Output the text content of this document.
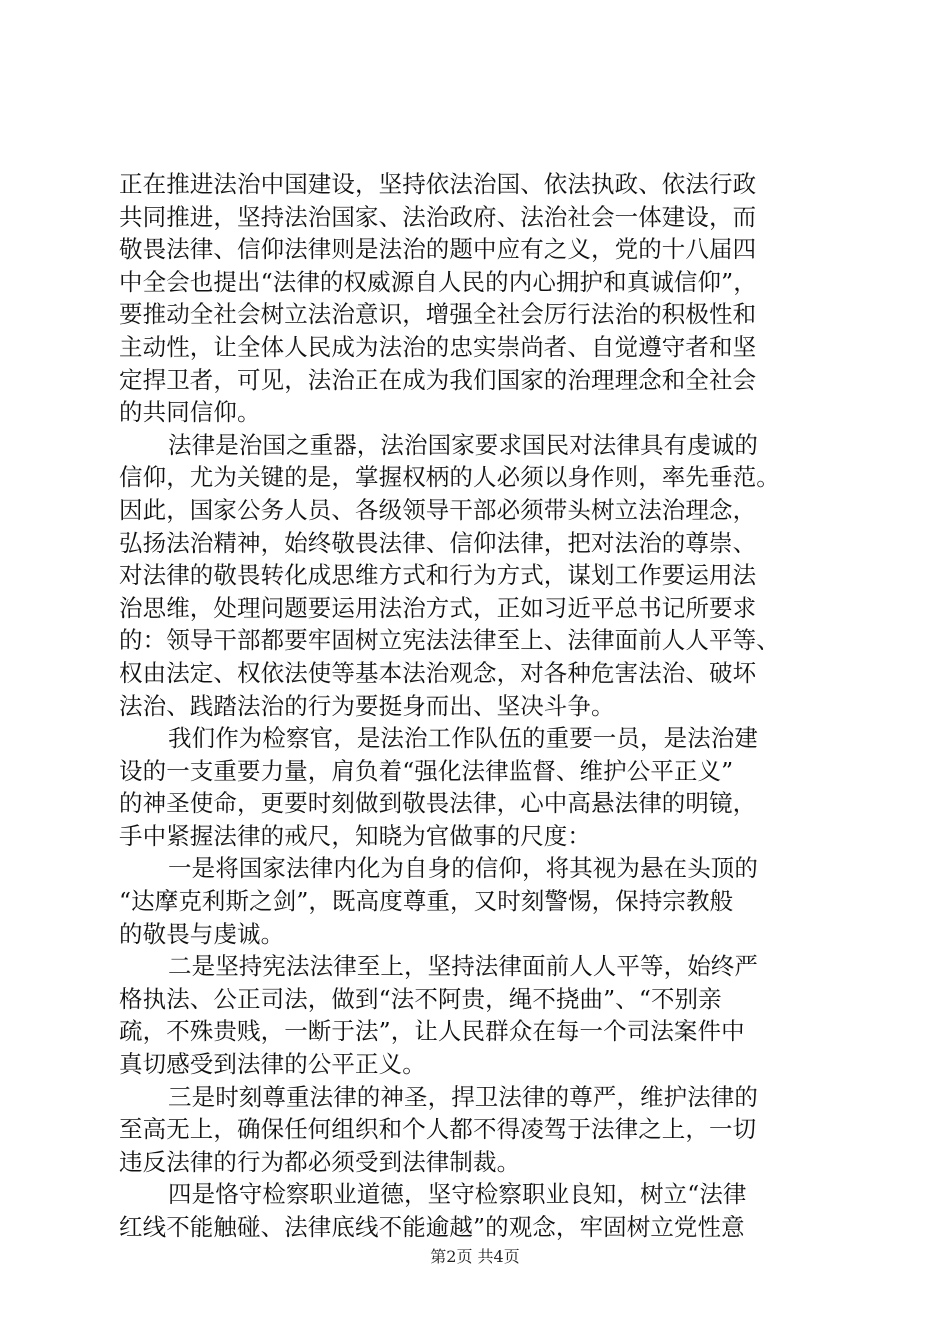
正在推进法治中国建设，坚持依法治国、依法执政、依法行政
共同推进，坚持法治国家、法治政府、法治社会一体建设，而
敬畏法律、信仰法律则是法治的题中应有之义，党的十八届四
中全会也提出“法律的权威源自人民的内心拥护和真诚信仰”，
要推动全社会树立法治意识，增强全社会厉行法治的积极性和
主动性，让全体人民成为法治的忠实崇尚者、自觉遵守者和坚
定捍卫者，可见，法治正在成为我们国家的治理理念和全社会
的共同信仰。
法律是治国之重器，法治国家要求国民对法律具有虔诚的
信仰，尤为关键的是，掌握权柄的人必须以身作则，率先垂范。
因此，国家公务人员、各级领导干部必须带头树立法治理念，
弘扬法治精神，始终敬畏法律、信仰法律，把对法治的尊崇、
对法律的敬畏转化成思维方式和行为方式，谋划工作要运用法
治思维，处理问题要运用法治方式，正如习近平总书记所要求
的：领导干部都要牢固树立宪法法律至上、法律面前人人平等、
权由法定、权依法使等基本法治观念，对各种危害法治、破坏
法治、践踏法治的行为要挺身而出、坚决斗争。
我们作为检察官，是法治工作队伍的重要一员，是法治建
设的一支重要力量，肩负着“强化法律监督、维护公平正义”
的神圣使命，更要时刻做到敬畏法律，心中高悬法律的明镜，
手中紧握法律的戒尺，知晓为官做事的尺度：
一是将国家法律内化为自身的信仰，将其视为悬在头顶的
“达摩克利斯之剑”，既高度尊重，又时刻警惕，保持宗教般
的敬畏与虔诚。
二是坚持宪法法律至上，坚持法律面前人人平等，始终严
格执法、公正司法，做到“法不阿贵，绳不挠曲”、“不别亲
疏，不殊贵贱，一断于法”，让人民群众在每一个司法案件中
真切感受到法律的公平正义。
三是时刻尊重法律的神圣，捍卫法律的尊严，维护法律的
至高无上，确保任何组织和个人都不得凌驾于法律之上，一切
违反法律的行为都必须受到法律制裁。
四是恪守检察职业道德，坚守检察职业良知，树立“法律
红线不能触碰、法律底线不能逾越”的观念，牢固树立党性意
第2页 共4页
